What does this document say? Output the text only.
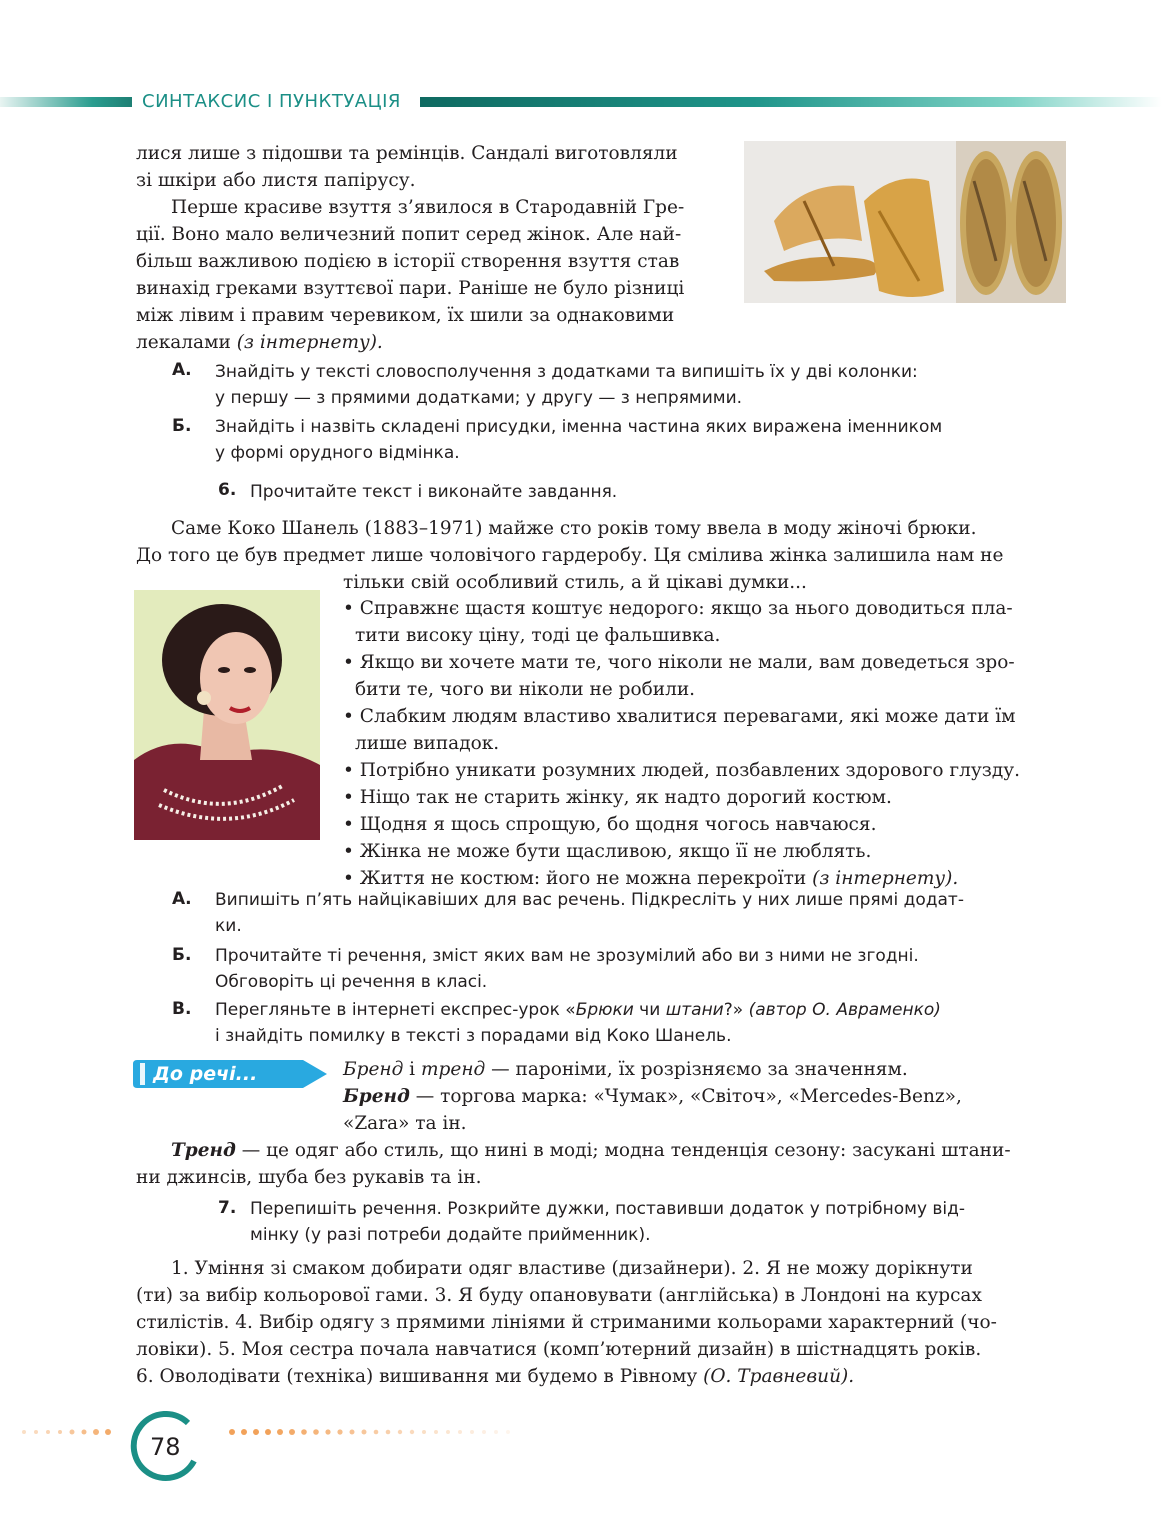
СИНТАКСИС І ПУНКТУАЦІЯ

лися лише з підошви та ремінців. Сандалі виготовляли

зі шкіри або листя папірусу.

Перше красиве взуття з’явилося в Стародавній Гре-

ції. Воно мало величезний попит серед жінок. Але най-

більш важливою подією в історії створення взуття став

винахід греками взуттєвої пари. Раніше не було різниці

між лівим і правим черевиком, їх шили за однаковими

лекалами (з інтернету).

А. Знайдіть у тексті словосполучення з додатками та випишіть їх у дві колонки:

у першу — з прямими додатками; у другу — з непрямими.

Б. Знайдіть і назвіть складені присудки, іменна частина яких виражена іменником

у формі орудного відмінка.

6. Прочитайте текст і виконайте завдання.

Саме Коко Шанель (1883–1971) майже сто років тому ввела в моду жіночі брюки.

До того це був предмет лише чоловічого гардеробу. Ця смілива жінка залишила нам не

тільки свій особливий стиль, а й цікаві думки...

• Справжнє щастя коштує недорого: якщо за нього доводиться пла-

тити високу ціну, тоді це фальшивка.

• Якщо ви хочете мати те, чого ніколи не мали, вам доведеться зро-

бити те, чого ви ніколи не робили.

• Слабким людям властиво хвалитися перевагами, які може дати їм

лише випадок.

• Потрібно уникати розумних людей, позбавлених здорового глузду.

• Ніщо так не старить жінку, як надто дорогий костюм.

• Щодня я щось спрощую, бо щодня чогось навчаюся.

• Жінка не може бути щасливою, якщо її не люблять.

• Життя не костюм: його не можна перекроїти (з інтернету).

А. Випишіть п’ять найцікавіших для вас речень. Підкресліть у них лише прямі додат-

ки.

Б. Прочитайте ті речення, зміст яких вам не зрозумілий або ви з ними не згодні.

Обговоріть ці речення в класі.

В. Перегляньте в інтернеті експрес-урок «Брюки чи штани?» (автор О. Авраменко)

і знайдіть помилку в тексті з порадами від Коко Шанель.

До речі...	Бренд і тренд — пароніми, їх розрізняємо за значенням.

Бренд — торгова марка: «Чумак», «Світоч», «Mercedes-Benz»,

«Zara» та ін.

Тренд — це одяг або стиль, що нині в моді; модна тенденція сезону: засукані штани-

ни джинсів, шуба без рукавів та ін.

7. Перепишіть речення. Розкрийте дужки, поставивши додаток у потрібному від-

мінку (у разі потреби додайте прийменник).

1. Уміння зі смаком добирати одяг властиве (дизайнери). 2. Я не можу дорікнути

(ти) за вибір кольорової гами. 3. Я буду опановувати (англійська) в Лондоні на курсах

стилістів. 4. Вибір одягу з прямими лініями й стриманими кольорами характерний (чо-

ловіки). 5. Моя сестра почала навчатися (комп’ютерний дизайн) в шістнадцять років.

6. Оволодівати (техніка) вишивання ми будемо в Рівному (О. Травневий).

78
